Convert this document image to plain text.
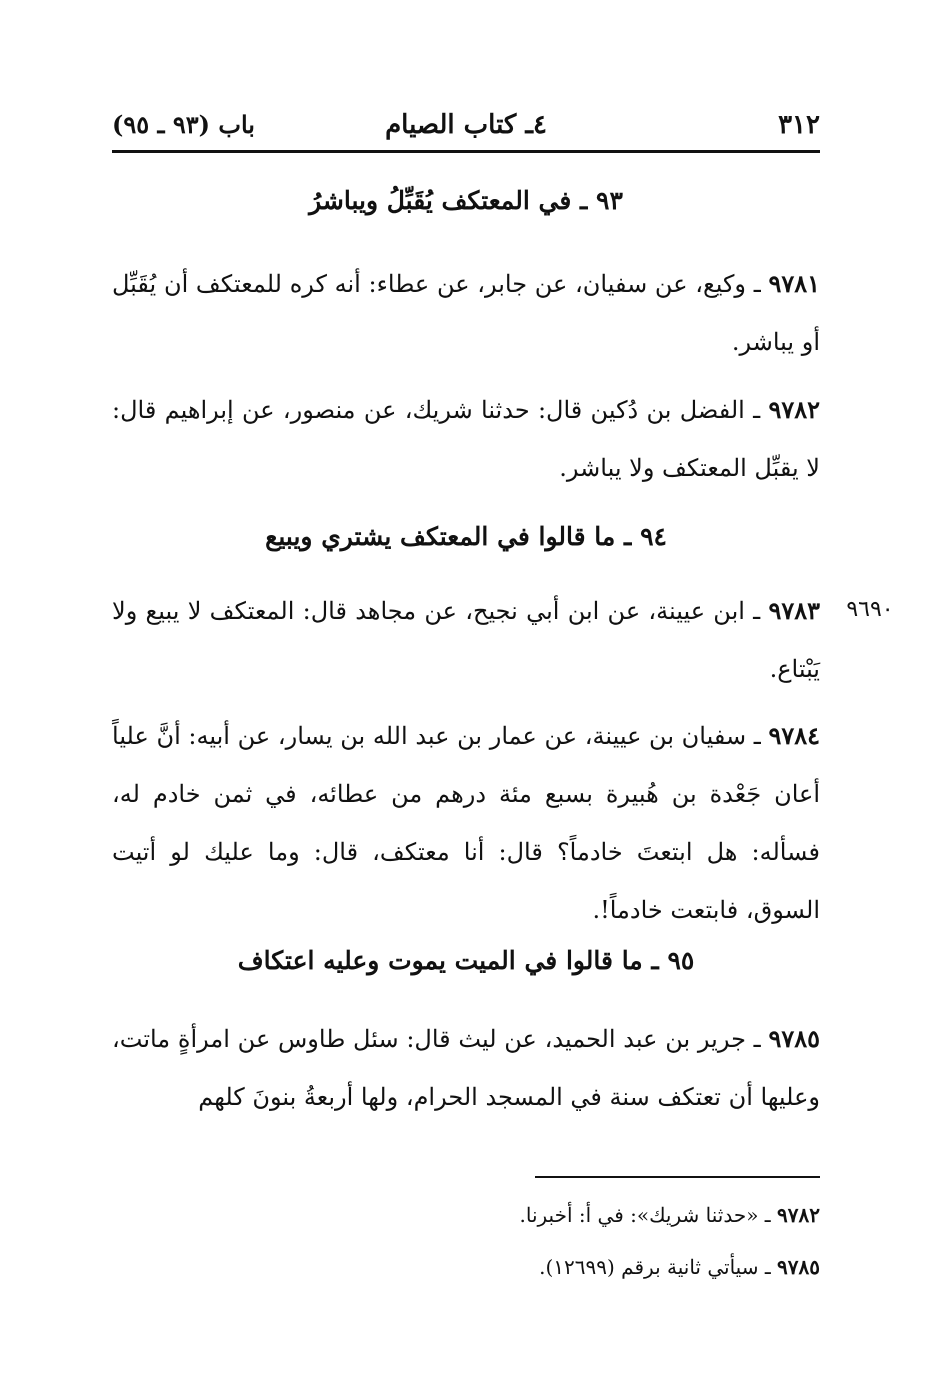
٣١٢
٤ـ كتاب الصيام
باب (٩٣ ـ ٩٥)
٩٣ ـ في المعتكف يُقَبِّلُ ويباشرُ
٩٧٨١ ـ وكيع، عن سفيان، عن جابر، عن عطاء: أنه كره للمعتكف أن يُقَبِّل أو يباشر.
٩٧٨٢ ـ الفضل بن دُكين قال: حدثنا شريك، عن منصور، عن إبراهيم قال: لا يقبِّل المعتكف ولا يباشر.
٩٤ ـ ما قالوا في المعتكف يشتري ويبيع
٩٧٨٣ ـ ابن عيينة، عن ابن أبي نجيح، عن مجاهد قال: المعتكف لا يبيع ولا يَبْتاع.
٩٦٩٠
٩٧٨٤ ـ سفيان بن عيينة، عن عمار بن عبد الله بن يسار، عن أبيه: أنَّ علياً أعان جَعْدة بن هُبيرة بسبع مئة درهم من عطائه، في ثمن خادم له، فسأله: هل ابتعتَ خادماً؟ قال: أنا معتكف، قال: وما عليك لو أتيت السوق، فابتعت خادماً!.
٩٥ ـ ما قالوا في الميت يموت وعليه اعتكاف
٩٧٨٥ ـ جرير بن عبد الحميد، عن ليث قال: سئل طاوس عن امرأةٍ ماتت، وعليها أن تعتكف سنة في المسجد الحرام، ولها أربعةُ بنونَ كلهم
٩٧٨٢ ـ «حدثنا شريك»: في أ: أخبرنا.
٩٧٨٥ ـ سيأتي ثانية برقم (١٢٦٩٩).
